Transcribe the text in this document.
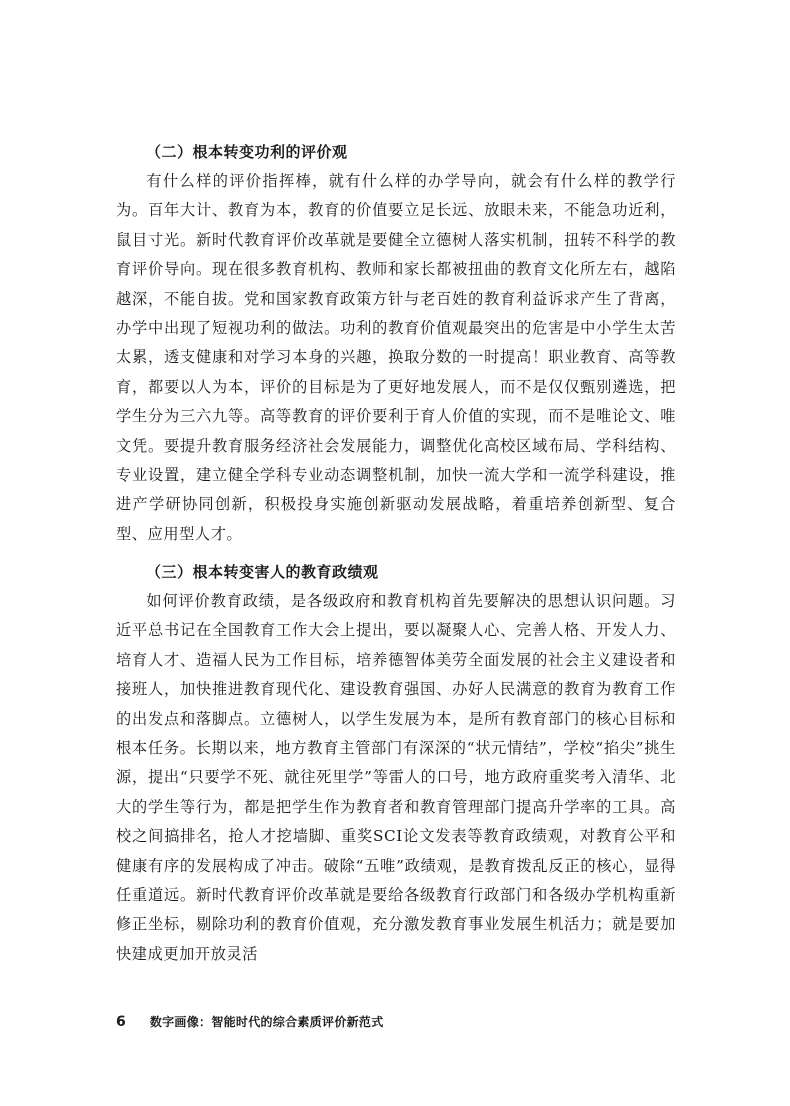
（二）根本转变功利的评价观

有什么样的评价指挥棒，就有什么样的办学导向，就会有什么样的教学行为。百年大计、教育为本，教育的价值要立足长远、放眼未来，不能急功近利，鼠目寸光。新时代教育评价改革就是要健全立德树人落实机制，扭转不科学的教育评价导向。现在很多教育机构、教师和家长都被扭曲的教育文化所左右，越陷越深，不能自拔。党和国家教育政策方针与老百姓的教育利益诉求产生了背离，办学中出现了短视功利的做法。功利的教育价值观最突出的危害是中小学生太苦太累，透支健康和对学习本身的兴趣，换取分数的一时提高！职业教育、高等教育，都要以人为本，评价的目标是为了更好地发展人，而不是仅仅甄别遴选，把学生分为三六九等。高等教育的评价要利于育人价值的实现，而不是唯论文、唯文凭。要提升教育服务经济社会发展能力，调整优化高校区域布局、学科结构、专业设置，建立健全学科专业动态调整机制，加快一流大学和一流学科建设，推进产学研协同创新，积极投身实施创新驱动发展战略，着重培养创新型、复合型、应用型人才。

（三）根本转变害人的教育政绩观

如何评价教育政绩，是各级政府和教育机构首先要解决的思想认识问题。习近平总书记在全国教育工作大会上提出，要以凝聚人心、完善人格、开发人力、培育人才、造福人民为工作目标，培养德智体美劳全面发展的社会主义建设者和接班人，加快推进教育现代化、建设教育强国、办好人民满意的教育为教育工作的出发点和落脚点。立德树人，以学生发展为本，是所有教育部门的核心目标和根本任务。长期以来，地方教育主管部门有深深的“状元情结”，学校“掐尖”挑生源，提出“只要学不死、就往死里学”等雷人的口号，地方政府重奖考入清华、北大的学生等行为，都是把学生作为教育者和教育管理部门提高升学率的工具。高校之间搞排名，抢人才挖墙脚、重奖SCI论文发表等教育政绩观，对教育公平和健康有序的发展构成了冲击。破除“五唯”政绩观，是教育拨乱反正的核心，显得任重道远。新时代教育评价改革就是要给各级教育行政部门和各级办学机构重新修正坐标，剔除功利的教育价值观，充分激发教育事业发展生机活力；就是要加快建成更加开放灵活

6 数字画像：智能时代的综合素质评价新范式
